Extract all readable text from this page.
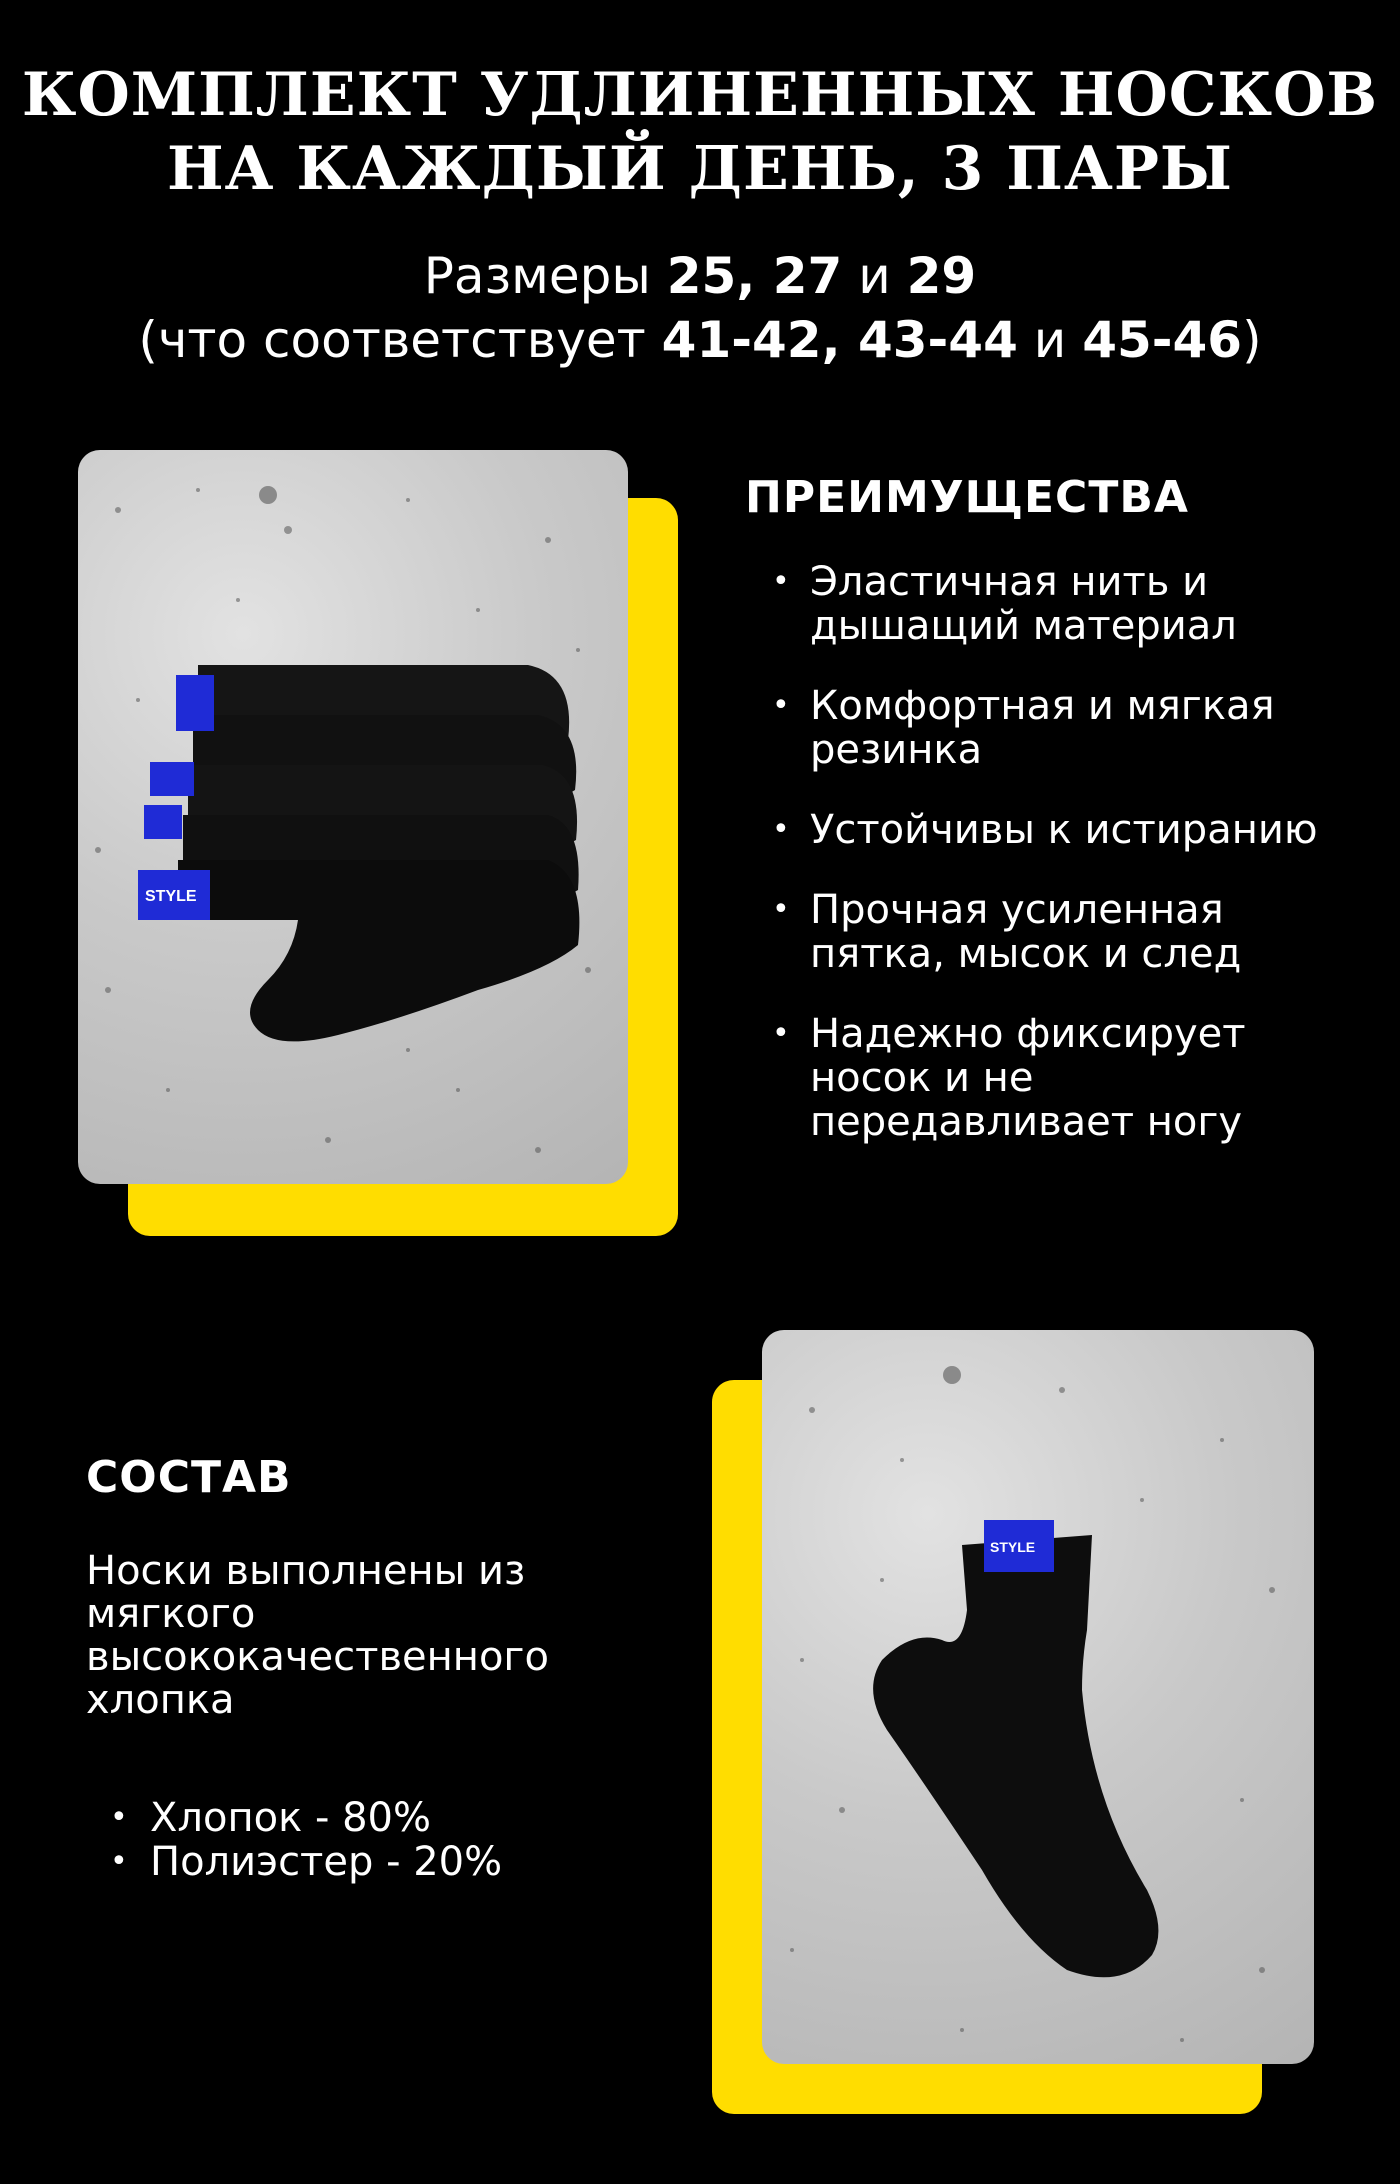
КОМПЛЕКТ УДЛИНЕННЫХ НОСКОВ
НА КАЖДЫЙ ДЕНЬ, 3 ПАРЫ
Размеры 25, 27 и 29
(что соответствует 41-42, 43-44 и 45-46)
STYLE
ПРЕИМУЩЕСТВА
• Эластичная нить и дышащий материал
• Комфортная и мягкая резинка
• Устойчивы к истиранию
• Прочная усиленная пятка, мысок и след
• Надежно фиксирует носок и не передавливает ногу
STYLE
СОСТАВ
Носки выполнены из мягкого высококачественного хлопка
• Хлопок - 80%
• Полиэстер - 20%
